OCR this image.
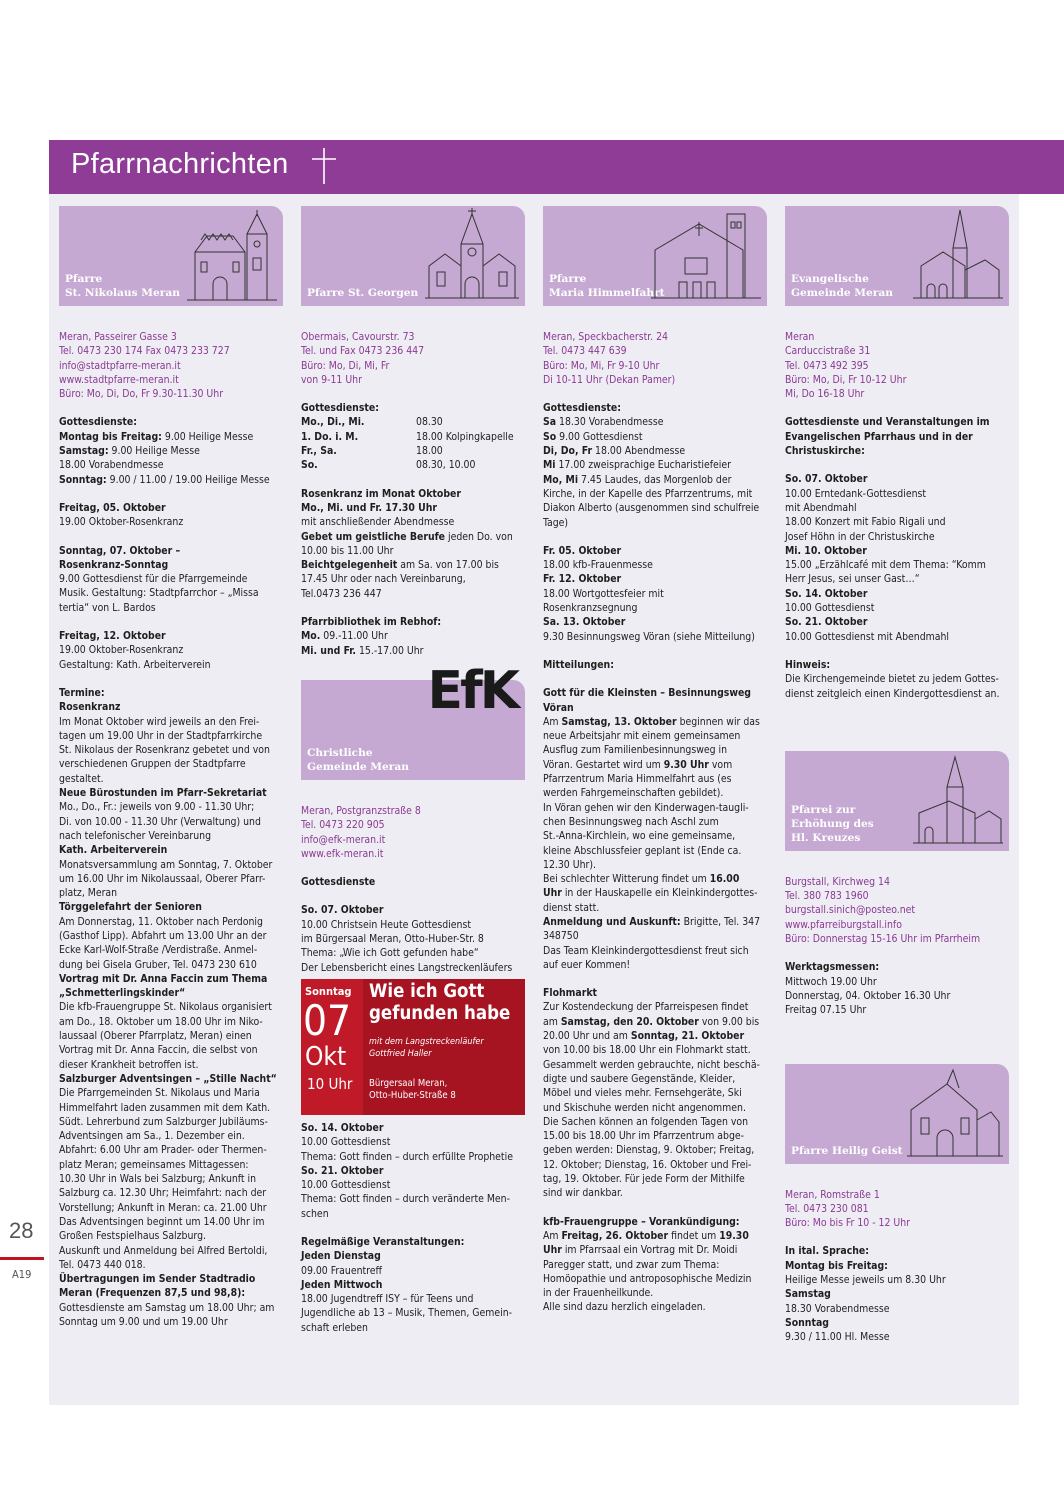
Pfarrnachrichten
28
A19

Pfarre

St. Nikolaus Meran

Meran, Passeirer Gasse 3

Tel. 0473 230 174 Fax 0473 233 727

info@stadtpfarre-meran.it

www.stadtpfarre-meran.it

Büro: Mo, Di, Do, Fr 9.30-11.30 Uhr

Gottesdienste:

Montag bis Freitag: 9.00 Heilige Messe

Samstag: 9.00 Heilige Messe

18.00 Vorabendmesse

Sonntag: 9.00 / 11.00 / 19.00 Heilige Messe

Freitag, 05. Oktober

19.00 Oktober-Rosenkranz

Sonntag, 07. Oktober –

Rosenkranz-Sonntag

9.00 Gottesdienst für die Pfarrgemeinde

Musik. Gestaltung: Stadtpfarrchor – „Missa

tertia“ von L. Bardos

Freitag, 12. Oktober

19.00 Oktober-Rosenkranz

Gestaltung: Kath. Arbeiterverein

Termine:

Rosenkranz

Im Monat Oktober wird jeweils an den Frei-

tagen um 19.00 Uhr in der Stadtpfarrkirche

St. Nikolaus der Rosenkranz gebetet und von

verschiedenen Gruppen der Stadtpfarre

gestaltet.

Neue Bürostunden im Pfarr-Sekretariat

Mo., Do., Fr.: jeweils von 9.00 - 11.30 Uhr;

Di. von 10.00 - 11.30 Uhr (Verwaltung) und

nach telefonischer Vereinbarung

Kath. Arbeiterverein

Monatsversammlung am Sonntag, 7. Oktober

um 16.00 Uhr im Nikolaussaal, Oberer Pfarr-

platz, Meran

Törggelefahrt der Senioren

Am Donnerstag, 11. Oktober nach Perdonig

(Gasthof Lipp). Abfahrt um 13.00 Uhr an der

Ecke Karl-Wolf-Straße /Verdistraße. Anmel-

dung bei Gisela Gruber, Tel. 0473 230 610

Vortrag mit Dr. Anna Faccin zum Thema

„Schmetterlingskinder“

Die kfb-Frauengruppe St. Nikolaus organisiert

am Do., 18. Oktober um 18.00 Uhr im Niko-

laussaal (Oberer Pfarrplatz, Meran) einen

Vortrag mit Dr. Anna Faccin, die selbst von

dieser Krankheit betroffen ist.

Salzburger Adventsingen – „Stille Nacht“

Die Pfarrgemeinden St. Nikolaus und Maria

Himmelfahrt laden zusammen mit dem Kath.

Südt. Lehrerbund zum Salzburger Jubiläums-

Adventsingen am Sa., 1. Dezember ein.

Abfahrt: 6.00 Uhr am Prader- oder Thermen-

platz Meran; gemeinsames Mittagessen:

10.30 Uhr in Wals bei Salzburg; Ankunft in

Salzburg ca. 12.30 Uhr; Heimfahrt: nach der

Vorstellung; Ankunft in Meran: ca. 21.00 Uhr

Das Adventsingen beginnt um 14.00 Uhr im

Großen Festspielhaus Salzburg.

Auskunft und Anmeldung bei Alfred Bertoldi,

Tel. 0473 440 018.

Übertragungen im Sender Stadtradio

Meran (Frequenzen 87,5 und 98,8):

Gottesdienste am Samstag um 18.00 Uhr; am

Sonntag um 9.00 und um 19.00 Uhr

Pfarre St. Georgen

Obermais, Cavourstr. 73

Tel. und Fax 0473 236 447

Büro: Mo, Di, Mi, Fr

von 9-11 Uhr

Gottesdienste:

Mo., Di., Mi.	08.30
1. Do. i. M.	18.00 Kolpingkapelle
Fr., Sa.	18.00
So.	08.30, 10.00

Rosenkranz im Monat Oktober

Mo., Mi. und Fr. 17.30 Uhr

mit anschließender Abendmesse

Gebet um geistliche Berufe jeden Do. von

10.00 bis 11.00 Uhr

Beichtgelegenheit am Sa. von 17.00 bis

17.45 Uhr oder nach Vereinbarung,

Tel.0473 236 447

Pfarrbibliothek im Rebhof:

Mo. 09.-11.00 Uhr

Mi. und Fr. 15.-17.00 Uhr

Christliche

Gemeinde Meran

EfK

Meran, Postgranzstraße 8

Tel. 0473 220 905

info@efk-meran.it

www.efk-meran.it

Gottesdienste

So. 07. Oktober

10.00 Christsein Heute Gottesdienst

im Bürgersaal Meran, Otto-Huber-Str. 8

Thema: „Wie ich Gott gefunden habe“

Der Lebensbericht eines Langstreckenläufers

Sonntag
07
Okt
10 Uhr
Wie ich Gott
gefunden habe
mit dem Langstreckenläufer
Gottfried Haller
Bürgersaal Meran,
Otto-Huber-Straße 8

So. 14. Oktober

10.00 Gottesdienst

Thema: Gott finden – durch erfüllte Prophetie

So. 21. Oktober

10.00 Gottesdienst

Thema: Gott finden – durch veränderte Men-

schen

Regelmäßige Veranstaltungen:

Jeden Dienstag

09.00 Frauentreff

Jeden Mittwoch

18.00 Jugendtreff ISY – für Teens und

Jugendliche ab 13 – Musik, Themen, Gemein-

schaft erleben

Pfarre

Maria Himmelfahrt

Meran, Speckbacherstr. 24

Tel. 0473 447 639

Büro: Mo, Mi, Fr 9-10 Uhr

Di 10-11 Uhr (Dekan Pamer)

Gottesdienste:

Sa 18.30 Vorabendmesse

So 9.00 Gottesdienst

Di, Do, Fr 18.00 Abendmesse

Mi 17.00 zweisprachige Eucharistiefeier

Mo, Mi 7.45 Laudes, das Morgenlob der

Kirche, in der Kapelle des Pfarrzentrums, mit

Diakon Alberto (ausgenommen sind schulfreie

Tage)

Fr. 05. Oktober

18.00 kfb-Frauenmesse

Fr. 12. Oktober

18.00 Wortgottesfeier mit

Rosenkranzsegnung

Sa. 13. Oktober

9.30 Besinnungsweg Vöran (siehe Mitteilung)

Mitteilungen:

Gott für die Kleinsten – Besinnungsweg

Vöran

Am Samstag, 13. Oktober beginnen wir das

neue Arbeitsjahr mit einem gemeinsamen

Ausflug zum Familienbesinnungsweg in

Vöran. Gestartet wird um 9.30 Uhr vom

Pfarrzentrum Maria Himmelfahrt aus (es

werden Fahrgemeinschaften gebildet).

In Vöran gehen wir den Kinderwagen-taugli-

chen Besinnungsweg nach Aschl zum

St.-Anna-Kirchlein, wo eine gemeinsame,

kleine Abschlussfeier geplant ist (Ende ca.

12.30 Uhr).

Bei schlechter Witterung findet um 16.00

Uhr in der Hauskapelle ein Kleinkindergottes-

dienst statt.

Anmeldung und Auskunft: Brigitte, Tel. 347

348750

Das Team Kleinkindergottesdienst freut sich

auf euer Kommen!

Flohmarkt

Zur Kostendeckung der Pfarreispesen findet

am Samstag, den 20. Oktober von 9.00 bis

20.00 Uhr und am Sonntag, 21. Oktober

von 10.00 bis 18.00 Uhr ein Flohmarkt statt.

Gesammelt werden gebrauchte, nicht beschä-

digte und saubere Gegenstände, Kleider,

Möbel und vieles mehr. Fernsehgeräte, Ski

und Skischuhe werden nicht angenommen.

Die Sachen können an folgenden Tagen von

15.00 bis 18.00 Uhr im Pfarrzentrum abge-

geben werden: Dienstag, 9. Oktober; Freitag,

12. Oktober; Dienstag, 16. Oktober und Frei-

tag, 19. Oktober. Für jede Form der Mithilfe

sind wir dankbar.

kfb-Frauengruppe – Vorankündigung:

Am Freitag, 26. Oktober findet um 19.30

Uhr im Pfarrsaal ein Vortrag mit Dr. Moidi

Paregger statt, und zwar zum Thema:

Homöopathie und antroposophische Medizin

in der Frauenheilkunde.

Alle sind dazu herzlich eingeladen.

Evangelische

Gemeinde Meran

Meran

Carduccistraße 31

Tel. 0473 492 395

Büro: Mo, Di, Fr 10-12 Uhr

Mi, Do 16-18 Uhr

Gottesdienste und Veranstaltungen im

Evangelischen Pfarrhaus und in der

Christuskirche:

So. 07. Oktober

10.00 Erntedank-Gottesdienst

mit Abendmahl

18.00 Konzert mit Fabio Rigali und

Josef Höhn in der Christuskirche

Mi. 10. Oktober

15.00 „Erzählcafé mit dem Thema: “Komm

Herr Jesus, sei unser Gast…“

So. 14. Oktober

10.00 Gottesdienst

So. 21. Oktober

10.00 Gottesdienst mit Abendmahl

Hinweis:

Die Kirchengemeinde bietet zu jedem Gottes-

dienst zeitgleich einen Kindergottesdienst an.

Pfarrei zur

Erhöhung des

Hl. Kreuzes

Burgstall, Kirchweg 14

Tel. 380 783 1960

burgstall.sinich@posteo.net

www.pfarreiburgstall.info

Büro: Donnerstag 15-16 Uhr im Pfarrheim

Werktagsmessen:

Mittwoch 19.00 Uhr

Donnerstag, 04. Oktober 16.30 Uhr

Freitag 07.15 Uhr

Pfarre Heilig Geist

Meran, Romstraße 1

Tel. 0473 230 081

Büro: Mo bis Fr 10 - 12 Uhr

In ital. Sprache:

Montag bis Freitag:

Heilige Messe jeweils um 8.30 Uhr

Samstag

18.30 Vorabendmesse

Sonntag

9.30 / 11.00 Hl. Messe
